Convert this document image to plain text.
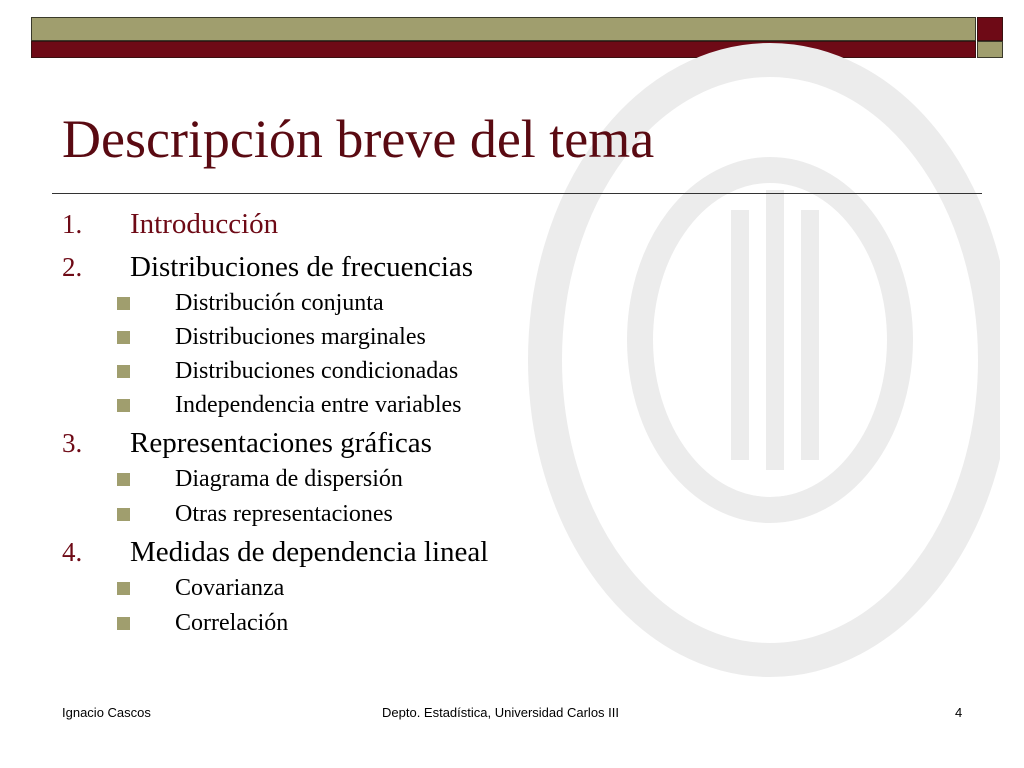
Descripción breve del tema
1. Introducción
2. Distribuciones de frecuencias
Distribución conjunta
Distribuciones marginales
Distribuciones condicionadas
Independencia entre variables
3. Representaciones gráficas
Diagrama de dispersión
Otras representaciones
4. Medidas de dependencia lineal
Covarianza
Correlación
Ignacio Cascos	Depto. Estadística, Universidad Carlos III	4
